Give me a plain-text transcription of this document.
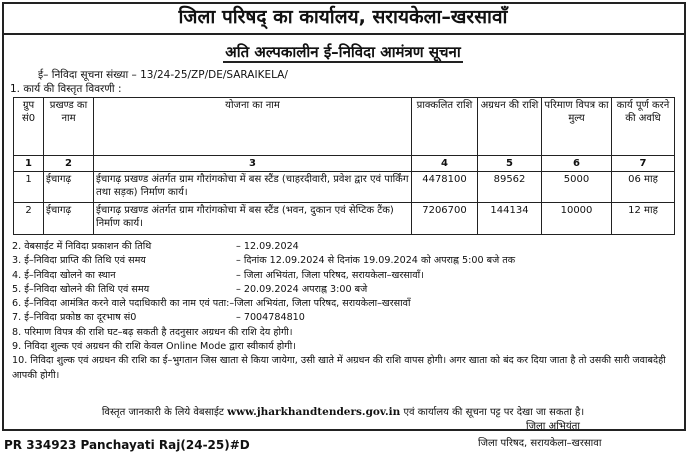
जिला परिषद् का कार्यालय, सरायकेला–खरसावाँ
अति अल्पकालीन ई–निविदा आमंत्रण सूचना
ई– निविदा सूचना संख्या – 13/24-25/ZP/DE/SARAIKELA/
1. कार्य की विस्तृत विवरणी :
ग्रुप सं0	प्रखण्ड का नाम	योजना का नाम	प्राक्कलित राशि	अग्रधन की राशि	परिमाण विपत्र का मुल्य	कार्य पूर्ण करने की अवधि
1	2	3	4	5	6	7
1	ईचागढ़	ईचागढ़ प्रखण्ड अंतर्गत ग्राम गौरांगकोचा में बस स्टैंड (चाहरदीवारी, प्रवेश द्वार एवं पार्किंग तथा सड़क) निर्माण कार्य।	4478100	89562	5000	06 माह
2	ईचागढ़	ईचागढ़ प्रखण्ड अंतर्गत ग्राम गौरांगकोचा में बस स्टैंड (भवन, दुकान एवं सेप्टिक टैंक) निर्माण कार्य।	7206700	144134	10000	12 माह
2. वेबसाईट में निविदा प्रकाशन की तिथि	– 12.09.2024
3. ई–निविदा प्राप्ति की तिथि एवं समय	– दिनांक 12.09.2024 से दिनांक 19.09.2024 को अपराह्न 5:00 बजे तक
4. ई–निविदा खोलने का स्थान	– जिला अभियंता, जिला परिषद, सरायकेला–खरसावाँ।
5. ई–निविदा खोलने की तिथि एवं समय	– 20.09.2024 अपराह्न 3:00 बजे
6. ई–निविदा आमंत्रित करने वाले पदाधिकारी का नाम एवं पता:–जिला अभियंता, जिला परिषद, सरायकेला–खरसावाँ
7. ई–निविदा प्रकोष्ठ का दूरभाष सं0	– 7004784810
8. परिमाण विपत्र की राशि घट–बढ़ सकती है तदनुसार अग्रधन की राशि देय होगी।
9. निविदा शुल्क एवं अग्रधन की राशि केवल Online Mode द्वारा स्वीकार्य होगी।
10. निविदा शुल्क एवं अग्रधन की राशि का ई–भुगतान जिस खाता से किया जायेगा, उसी खाते में अग्रधन की राशि वापस होगी। अगर खाता को बंद कर दिया जाता है तो उसकी सारी जवाबदेही आपकी होगी।
विस्तृत जानकारी के लिये वेबसाईट www.jharkhandtenders.gov.in एवं कार्यालय की सूचना पट्ट पर देखा जा सकता है।
जिला अभियंता
जिला परिषद, सरायकेला–खरसावा
PR 334923 Panchayati Raj(24-25)#D
